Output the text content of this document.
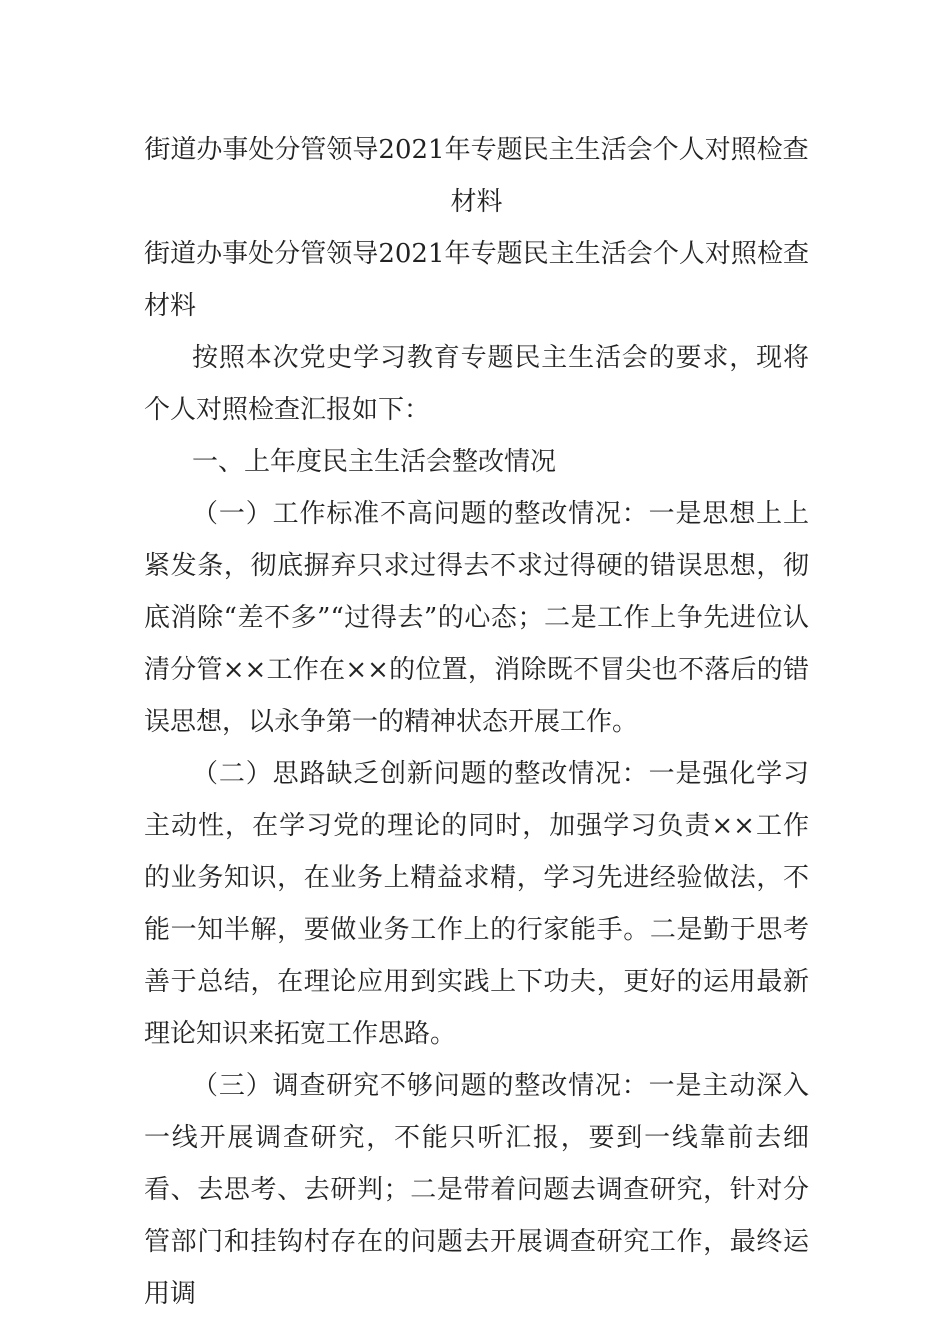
街道办事处分管领导2021年专题民主生活会个人对照检查材料

街道办事处分管领导2021年专题民主生活会个人对照检查材料

按照本次党史学习教育专题民主生活会的要求，现将个人对照检查汇报如下：

一、上年度民主生活会整改情况

（一）工作标准不高问题的整改情况：一是思想上上紧发条，彻底摒弃只求过得去不求过得硬的错误思想，彻底消除“差不多”“过得去”的心态；二是工作上争先进位认清分管××工作在××的位置，消除既不冒尖也不落后的错误思想，以永争第一的精神状态开展工作。

（二）思路缺乏创新问题的整改情况：一是强化学习主动性，在学习党的理论的同时，加强学习负责××工作的业务知识，在业务上精益求精，学习先进经验做法，不能一知半解，要做业务工作上的行家能手。二是勤于思考善于总结，在理论应用到实践上下功夫，更好的运用最新理论知识来拓宽工作思路。

（三）调查研究不够问题的整改情况：一是主动深入一线开展调查研究，不能只听汇报，要到一线靠前去细看、去思考、去研判；二是带着问题去调查研究，针对分管部门和挂钩村存在的问题去开展调查研究工作，最终运用调
